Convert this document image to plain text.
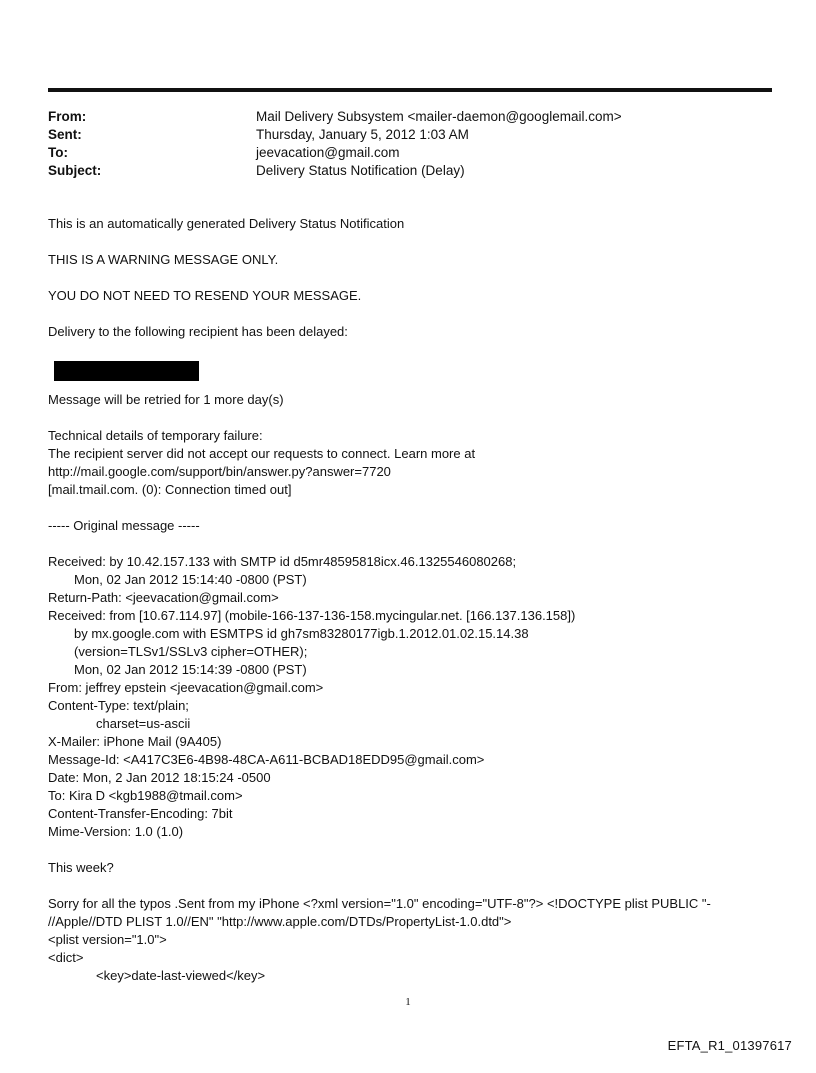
From:	Mail Delivery Subsystem <mailer-daemon@googlemail.com>
Sent:	Thursday, January 5, 2012 1:03 AM
To:	jeevacation@gmail.com
Subject:	Delivery Status Notification (Delay)

This is an automatically generated Delivery Status Notification

THIS IS A WARNING MESSAGE ONLY.

YOU DO NOT NEED TO RESEND YOUR MESSAGE.

Delivery to the following recipient has been delayed:

Message will be retried for 1 more day(s)

Technical details of temporary failure:

The recipient server did not accept our requests to connect. Learn more at

http://mail.google.com/support/bin/answer.py?answer=7720

[mail.tmail.com. (0): Connection timed out]

----- Original message -----

Received: by 10.42.157.133 with SMTP id d5mr48595818icx.46.1325546080268;

Mon, 02 Jan 2012 15:14:40 -0800 (PST)

Return-Path: <jeevacation@gmail.com>

Received: from [10.67.114.97] (mobile-166-137-136-158.mycingular.net. [166.137.136.158])

by mx.google.com with ESMTPS id gh7sm83280177igb.1.2012.01.02.15.14.38

(version=TLSv1/SSLv3 cipher=OTHER);

Mon, 02 Jan 2012 15:14:39 -0800 (PST)

From: jeffrey epstein <jeevacation@gmail.com>

Content-Type: text/plain;

charset=us-ascii

X-Mailer: iPhone Mail (9A405)

Message-Id: <A417C3E6-4B98-48CA-A611-BCBAD18EDD95@gmail.com>

Date: Mon, 2 Jan 2012 18:15:24 -0500

To: Kira D <kgb1988@tmail.com>

Content-Transfer-Encoding: 7bit

Mime-Version: 1.0 (1.0)

This week?

Sorry for all the typos .Sent from my iPhone <?xml version="1.0" encoding="UTF-8"?> <!DOCTYPE plist PUBLIC "-

//Apple//DTD PLIST 1.0//EN" "http://www.apple.com/DTDs/PropertyList-1.0.dtd">

<plist version="1.0">

<dict>

<key>date-last-viewed</key>

1
EFTA_R1_01397617
